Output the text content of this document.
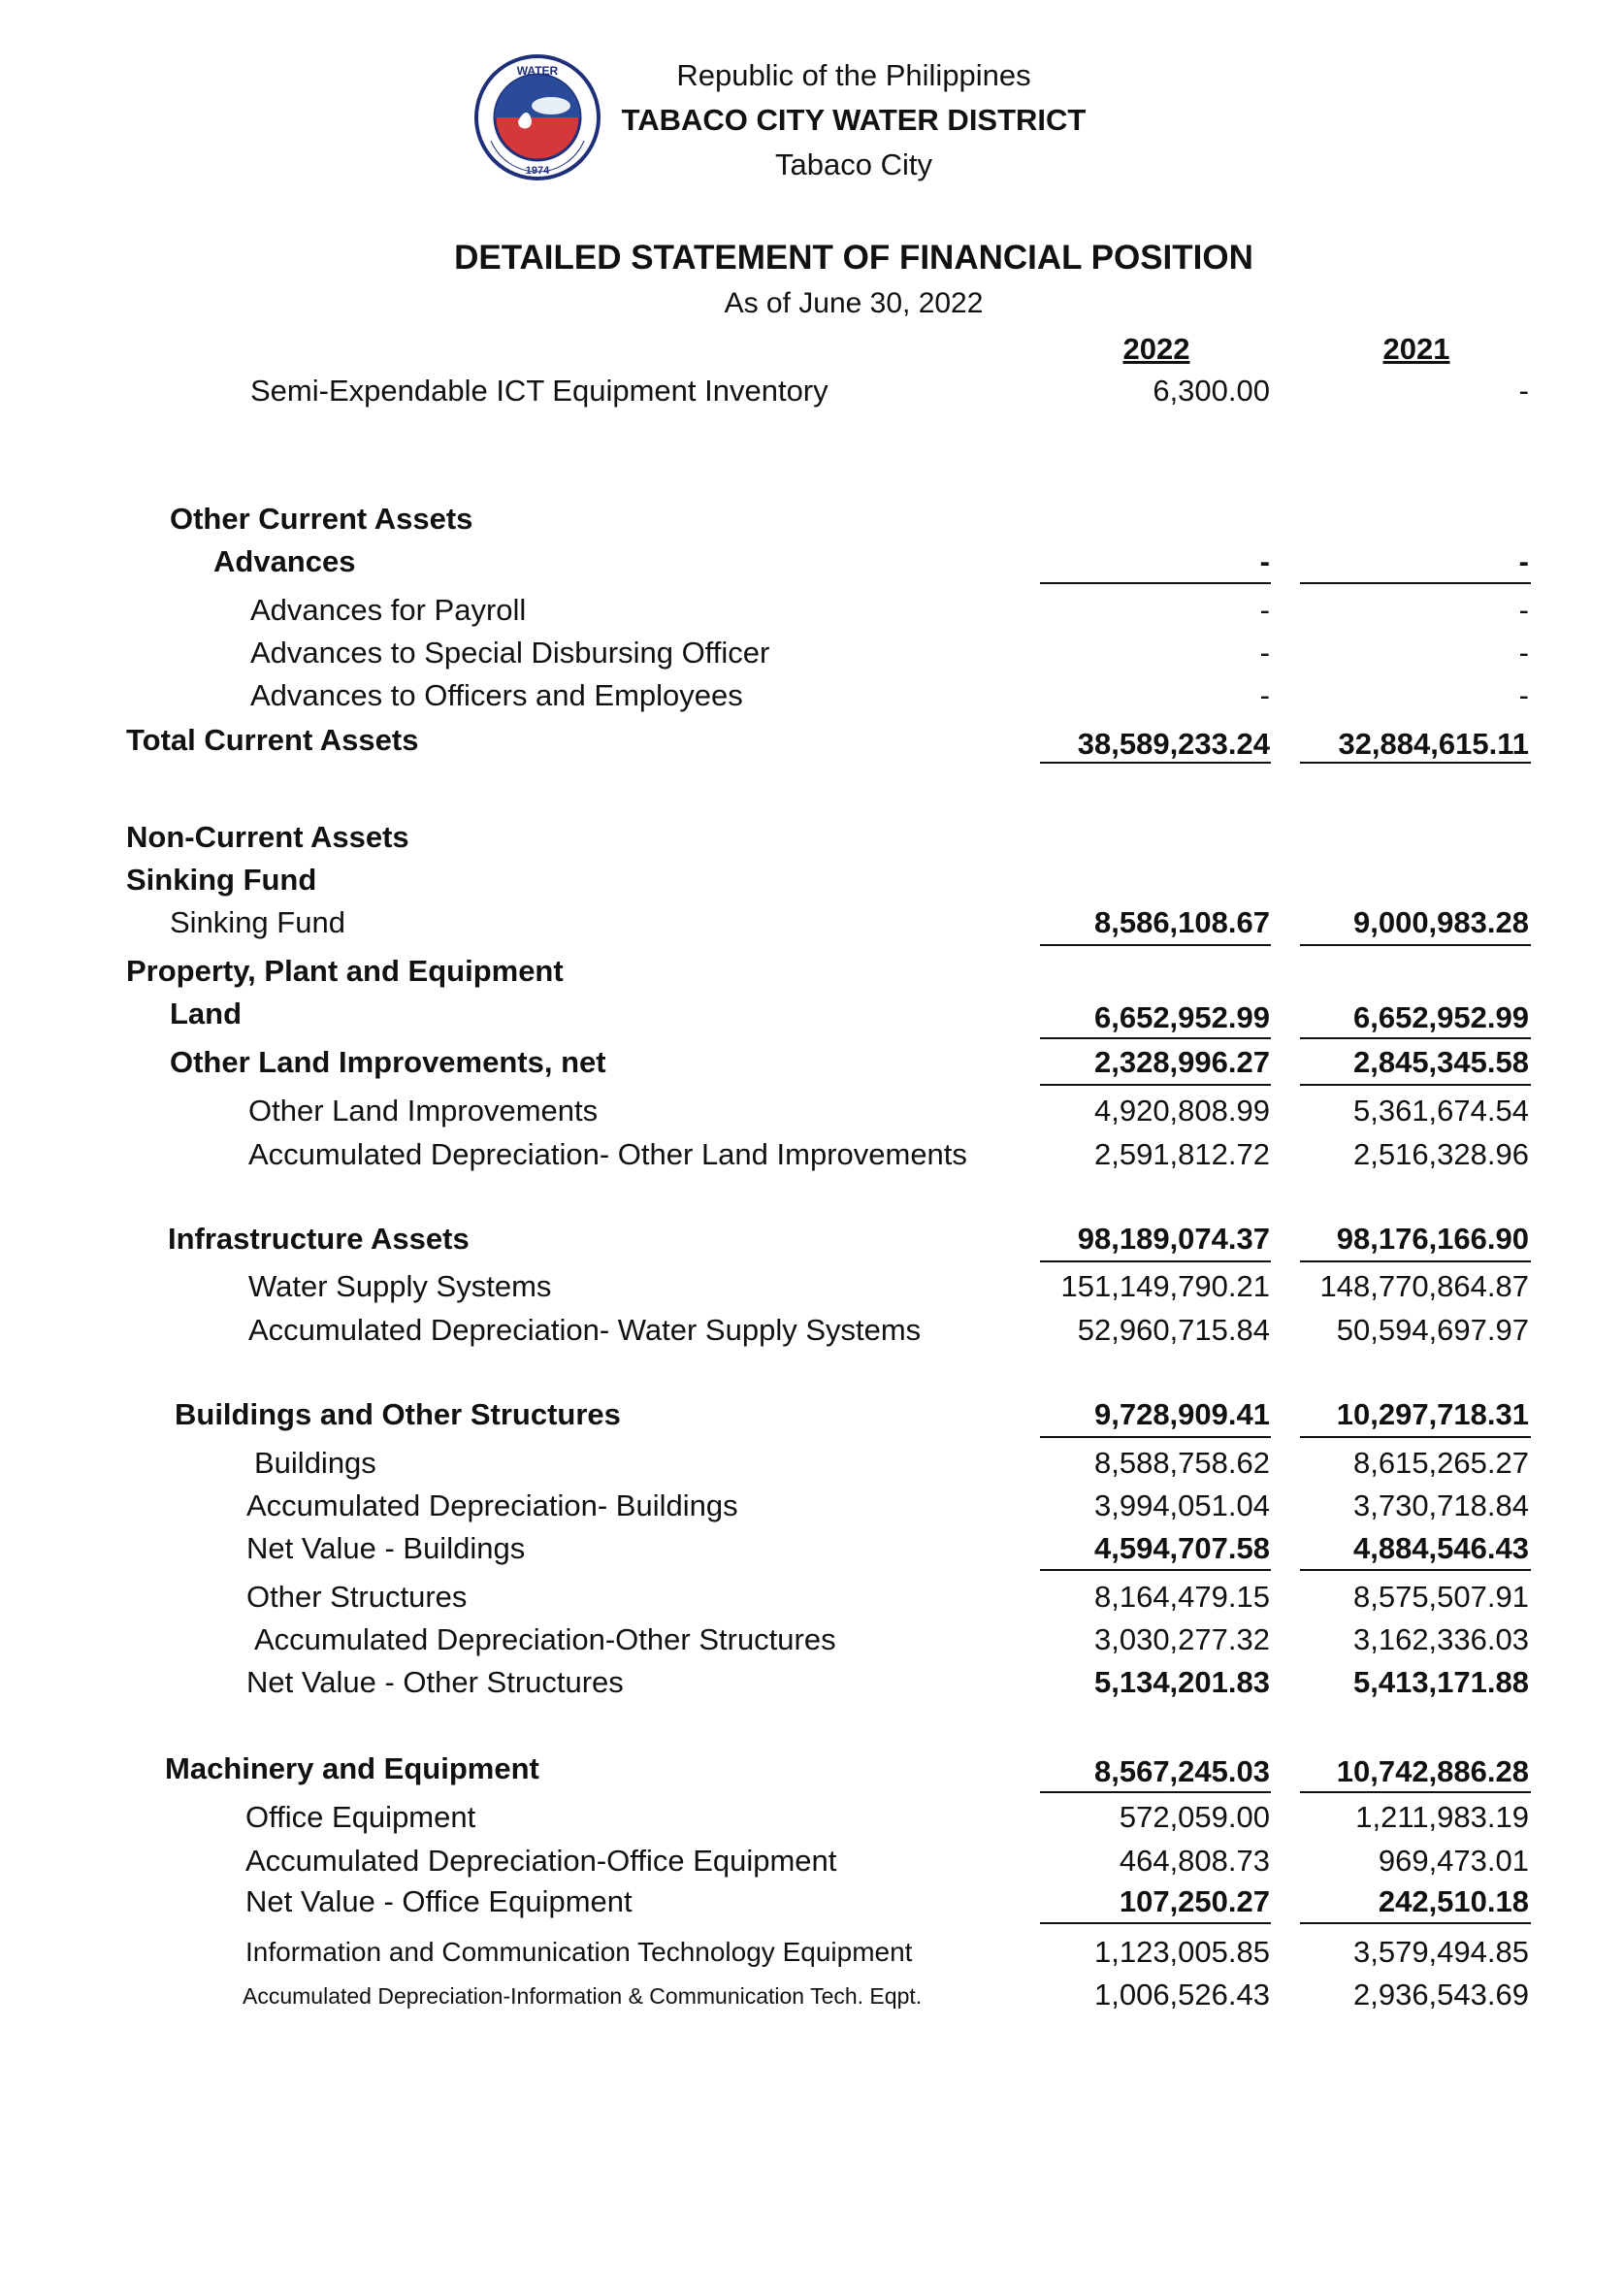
1974
WATER	Republic of the Philippines
TABACO CITY WATER DISTRICT
Tabaco City
DETAILED STATEMENT OF FINANCIAL POSITION
As of June 30, 2022
2022	2021
Semi-Expendable ICT Equipment Inventory	6,300.00	-
Other Current Assets
Advances	-	-
Advances for Payroll	-	-
Advances to Special Disbursing Officer	-	-
Advances to Officers and Employees	-	-
Total Current Assets	38,589,233.24	32,884,615.11
Non-Current Assets
Sinking Fund
Sinking Fund	8,586,108.67	9,000,983.28
Property, Plant and Equipment
Land	6,652,952.99	6,652,952.99
Other Land Improvements, net	2,328,996.27	2,845,345.58
Other Land Improvements	4,920,808.99	5,361,674.54
Accumulated Depreciation- Other Land Improvements	2,591,812.72	2,516,328.96
Infrastructure Assets	98,189,074.37	98,176,166.90
Water Supply Systems	151,149,790.21	148,770,864.87
Accumulated Depreciation- Water Supply Systems	52,960,715.84	50,594,697.97
Buildings and Other Structures	9,728,909.41	10,297,718.31
Buildings	8,588,758.62	8,615,265.27
Accumulated Depreciation- Buildings	3,994,051.04	3,730,718.84
Net Value - Buildings	4,594,707.58	4,884,546.43
Other Structures	8,164,479.15	8,575,507.91
Accumulated Depreciation-Other Structures	3,030,277.32	3,162,336.03
Net Value - Other Structures	5,134,201.83	5,413,171.88
Machinery and Equipment	8,567,245.03	10,742,886.28
Office Equipment	572,059.00	1,211,983.19
Accumulated Depreciation-Office Equipment	464,808.73	969,473.01
Net Value - Office Equipment	107,250.27	242,510.18
Information and Communication Technology Equipment	1,123,005.85	3,579,494.85
Accumulated Depreciation-Information & Communication Tech. Eqpt.	1,006,526.43	2,936,543.69
